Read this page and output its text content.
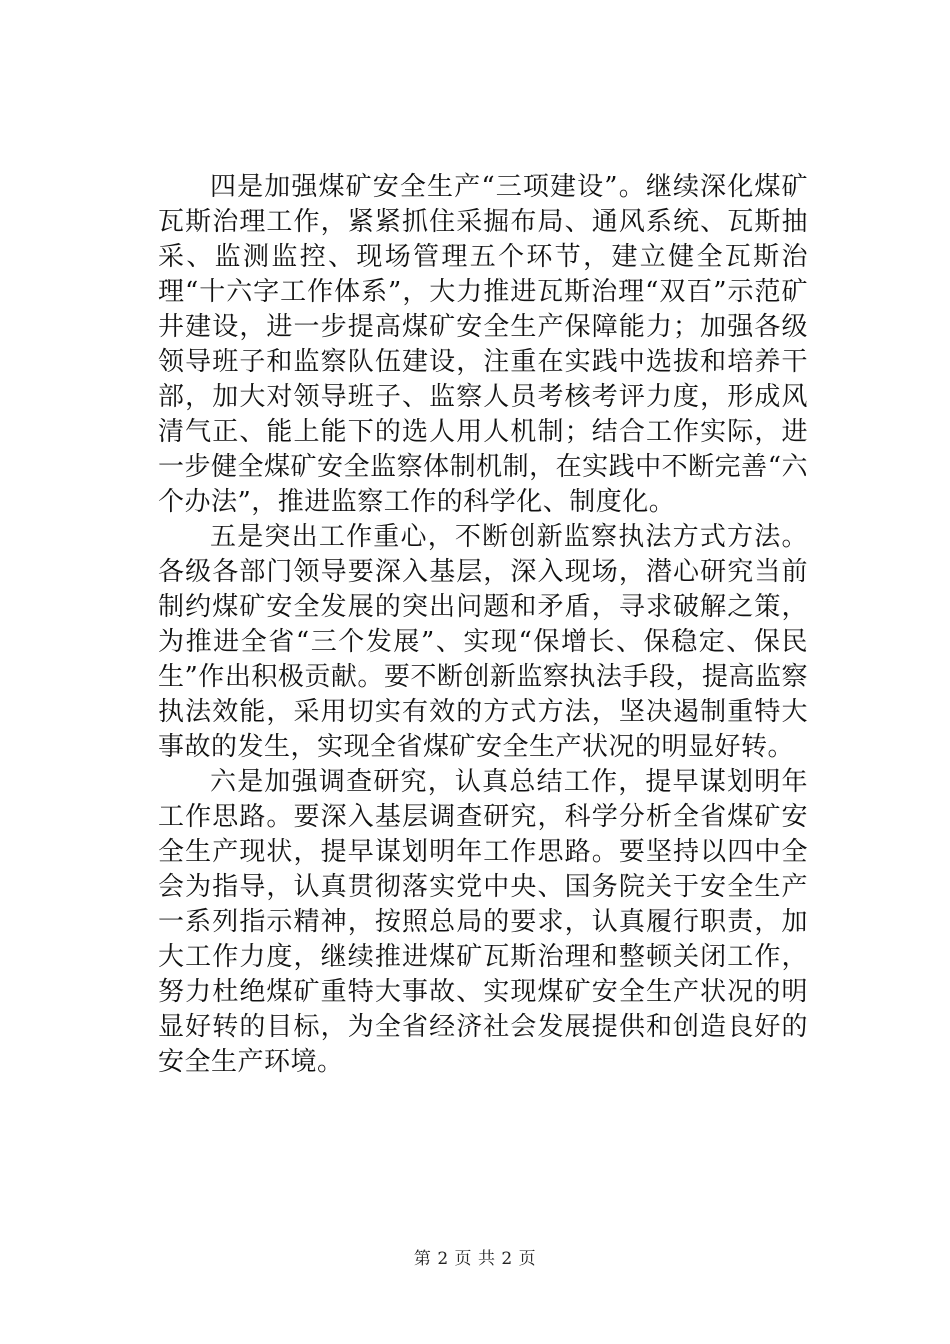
四是加强煤矿安全生产“三项建设”。继续深化煤矿瓦斯治理工作，紧紧抓住采掘布局、通风系统、瓦斯抽采、监测监控、现场管理五个环节，建立健全瓦斯治理“十六字工作体系”，大力推进瓦斯治理“双百”示范矿井建设，进一步提高煤矿安全生产保障能力；加强各级领导班子和监察队伍建设，注重在实践中选拔和培养干部，加大对领导班子、监察人员考核考评力度，形成风清气正、能上能下的选人用人机制；结合工作实际，进一步健全煤矿安全监察体制机制，在实践中不断完善“六个办法”，推进监察工作的科学化、制度化。

五是突出工作重心，不断创新监察执法方式方法。各级各部门领导要深入基层，深入现场，潜心研究当前制约煤矿安全发展的突出问题和矛盾，寻求破解之策，为推进全省“三个发展”、实现“保增长、保稳定、保民生”作出积极贡献。要不断创新监察执法手段，提高监察执法效能，采用切实有效的方式方法，坚决遏制重特大事故的发生，实现全省煤矿安全生产状况的明显好转。

六是加强调查研究，认真总结工作，提早谋划明年工作思路。要深入基层调查研究，科学分析全省煤矿安全生产现状，提早谋划明年工作思路。要坚持以四中全会为指导，认真贯彻落实党中央、国务院关于安全生产一系列指示精神，按照总局的要求，认真履行职责，加大工作力度，继续推进煤矿瓦斯治理和整顿关闭工作，努力杜绝煤矿重特大事故、实现煤矿安全生产状况的明显好转的目标，为全省经济社会发展提供和创造良好的安全生产环境。

第 2 页 共 2 页
